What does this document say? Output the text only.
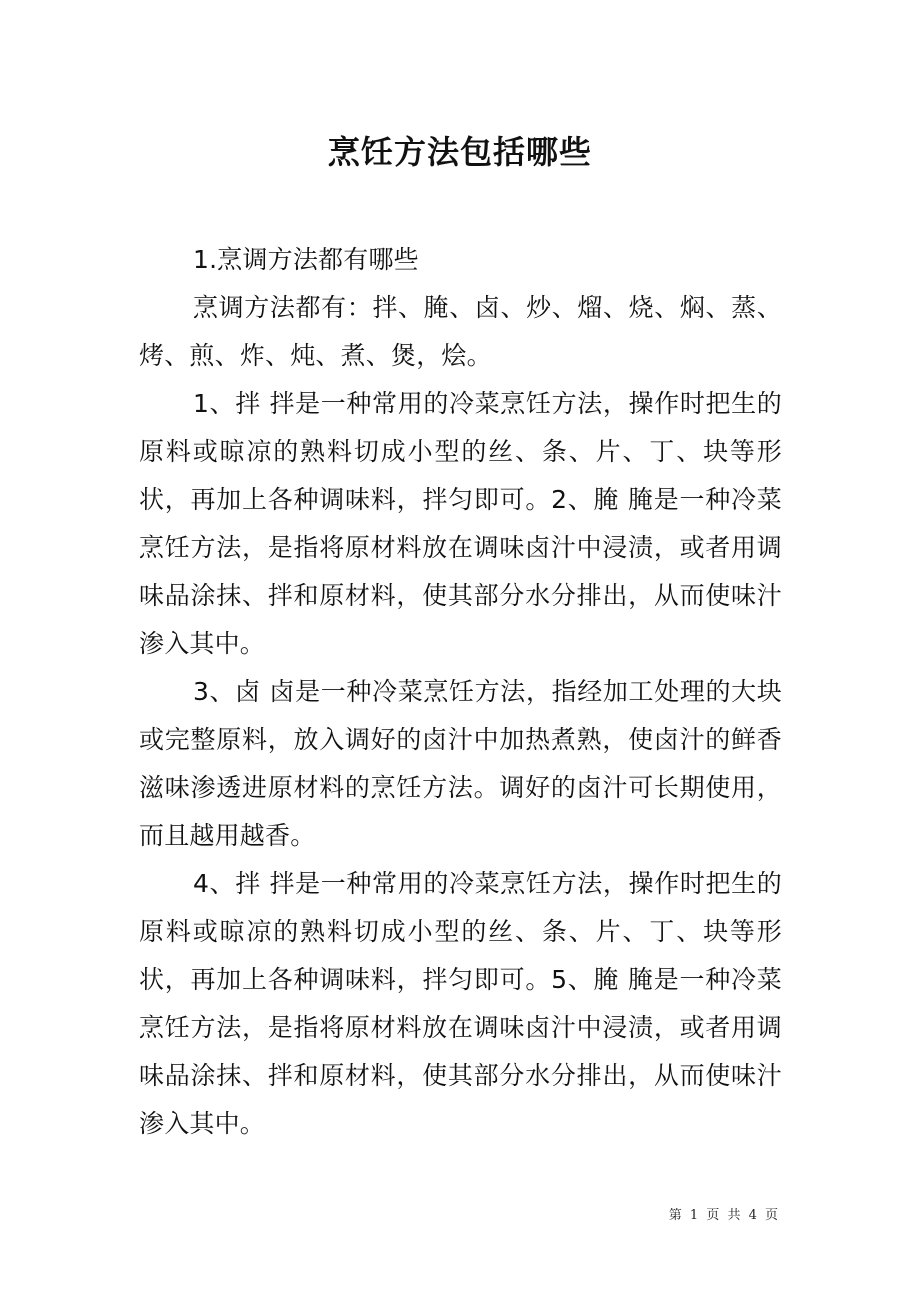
烹饪方法包括哪些

1.烹调方法都有哪些

烹调方法都有：拌、腌、卤、炒、熘、烧、焖、蒸、烤、煎、炸、炖、煮、煲，烩。

1、拌 拌是一种常用的冷菜烹饪方法，操作时把生的原料或晾凉的熟料切成小型的丝、条、片、丁、块等形状，再加上各种调味料，拌匀即可。2、腌 腌是一种冷菜烹饪方法，是指将原材料放在调味卤汁中浸渍，或者用调味品涂抹、拌和原材料，使其部分水分排出，从而使味汁渗入其中。

3、卤 卤是一种冷菜烹饪方法，指经加工处理的大块或完整原料，放入调好的卤汁中加热煮熟，使卤汁的鲜香滋味渗透进原材料的烹饪方法。调好的卤汁可长期使用，而且越用越香。

4、拌 拌是一种常用的冷菜烹饪方法，操作时把生的原料或晾凉的熟料切成小型的丝、条、片、丁、块等形状，再加上各种调味料，拌匀即可。5、腌 腌是一种冷菜烹饪方法，是指将原材料放在调味卤汁中浸渍，或者用调味品涂抹、拌和原材料，使其部分水分排出，从而使味汁渗入其中。

第 1 页 共 4 页
